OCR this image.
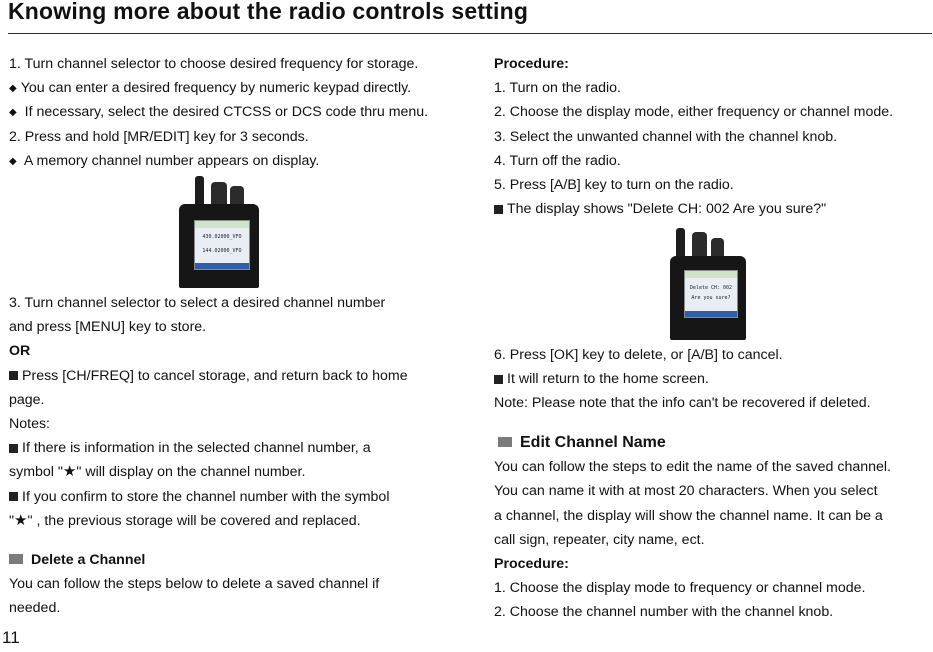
Knowing more about the radio controls setting
1. Turn channel selector to choose desired frequency for storage.
◆ You can enter a desired frequency by numeric keypad directly.
◆ If necessary, select the desired CTCSS or DCS code thru menu.
2. Press and hold [MR/EDIT] key for 3 seconds.
◆ A memory channel number appears on display.
430.02000_VFO
144.02000_VFO
3. Turn channel selector to select a desired channel number
and press [MENU] key to store.
OR
Press [CH/FREQ] to cancel storage, and return back to home
page.
Notes:
If there is information in the selected channel number, a
symbol "★" will display on the channel number.
If you confirm to store the channel number with the symbol
"★" , the previous storage will be covered and replaced.
Delete a Channel
You can follow the steps below to delete a saved channel if
needed.
Procedure:
1. Turn on the radio.
2. Choose the display mode, either frequency or channel mode.
3. Select the unwanted channel with the channel knob.
4. Turn off the radio.
5. Press [A/B] key to turn on the radio.
The display shows "Delete CH: 002 Are you sure?"
Delete CH: 002
Are you sure?
6. Press [OK] key to delete, or [A/B] to cancel.
It will return to the home screen.
Note: Please note that the info can't be recovered if deleted.
Edit Channel Name
You can follow the steps to edit the name of the saved channel.
You can name it with at most 20 characters. When you select
a channel, the display will show the channel name. It can be a
call sign, repeater, city name, ect.
Procedure:
1. Choose the display mode to frequency or channel mode.
2. Choose the channel number with the channel knob.
11
